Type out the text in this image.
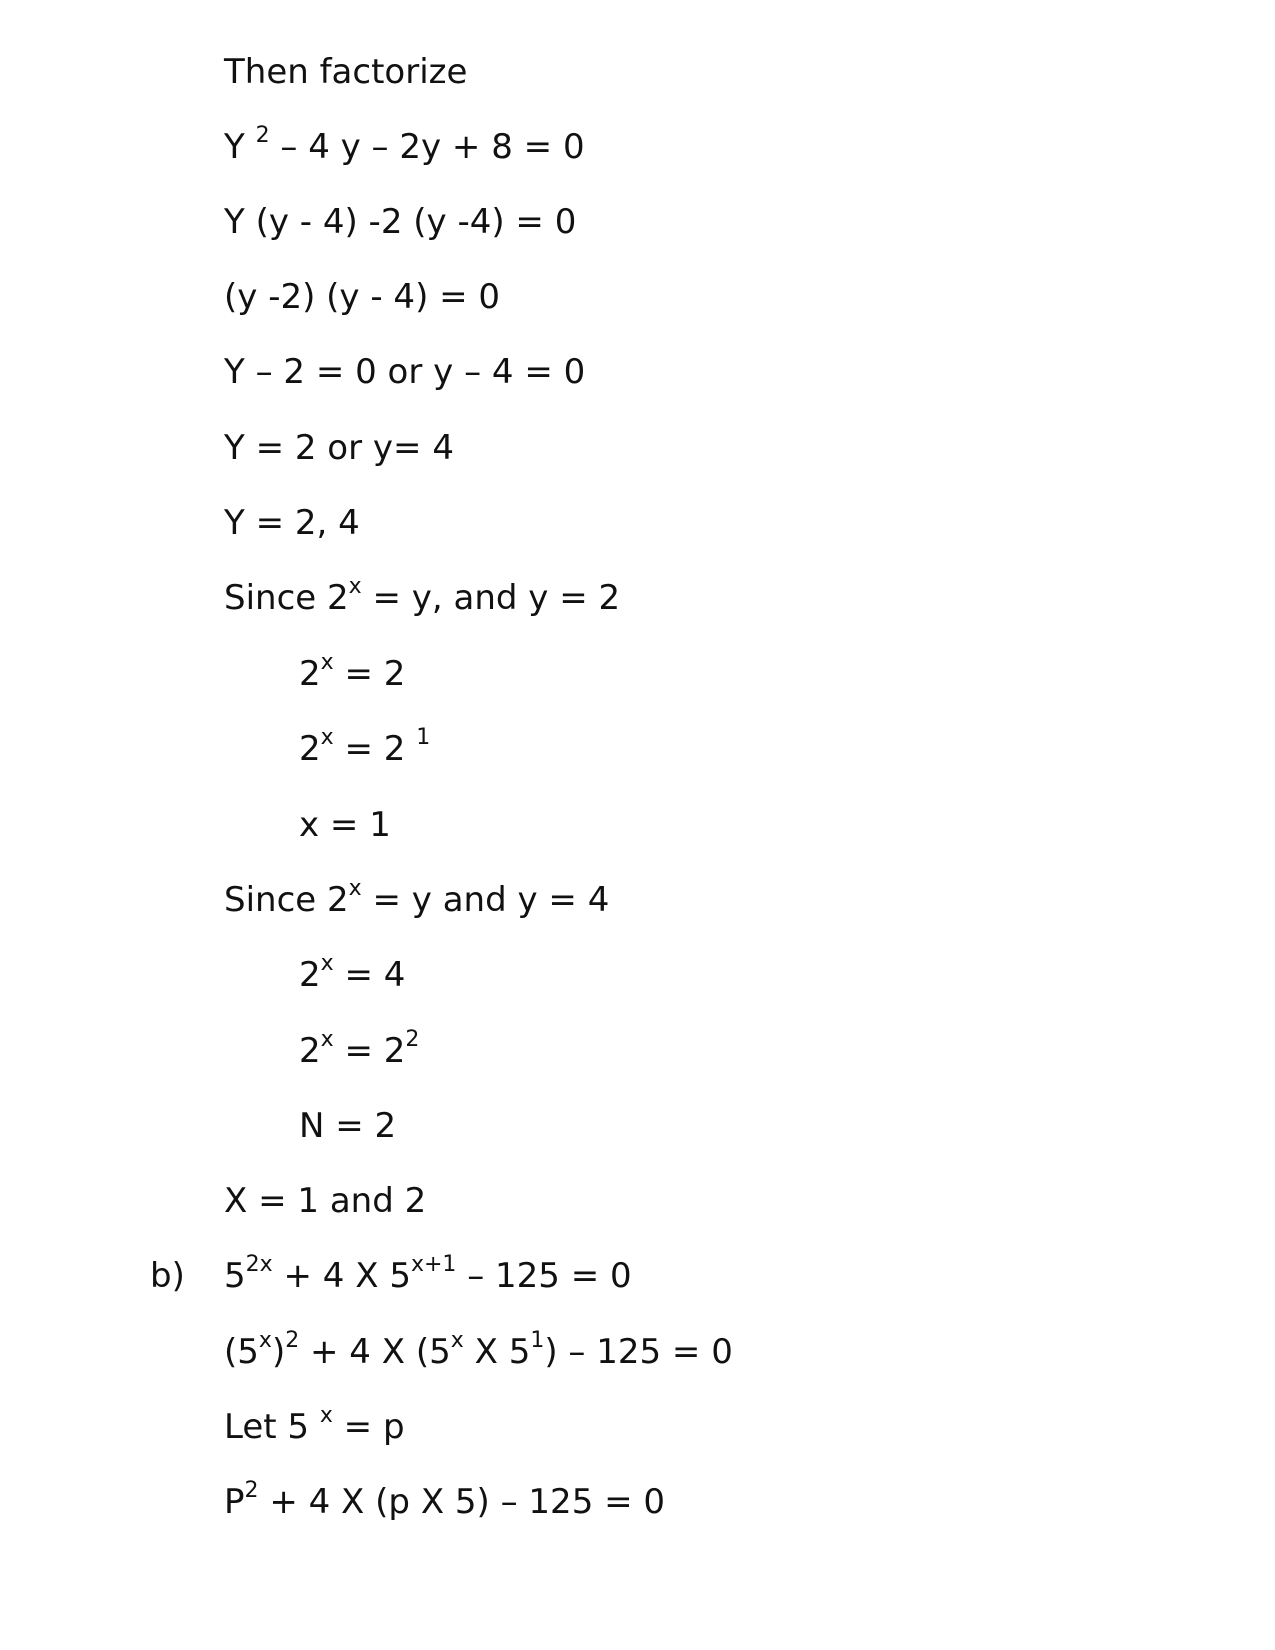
Then factorize
Y $^2$ – 4 y – 2y + 8 = 0
Y (y - 4) -2 (y -4) = 0
(y -2) (y - 4) = 0
Y – 2 = 0 or y – 4 = 0
Y = 2 or y= 4
Y = 2, 4
Since $2^x = y$, and y = 2
$2^x = 2$
$2^x = 2$ $^1$
x = 1
Since $2^x = y$ and y = 4
$2^x = 4$
$2^x = 2^2$
N = 2
X = 1 and 2
b) $5^{2x} + 4$ X $5^{x+1} - 125 = 0$
$(5^x)^2 + 4$ X (5$^x$ X $5^1) - 125 = 0$
Let 5 $^x$ = p
$P^2 + 4$ X (p X 5) – 125 = 0
